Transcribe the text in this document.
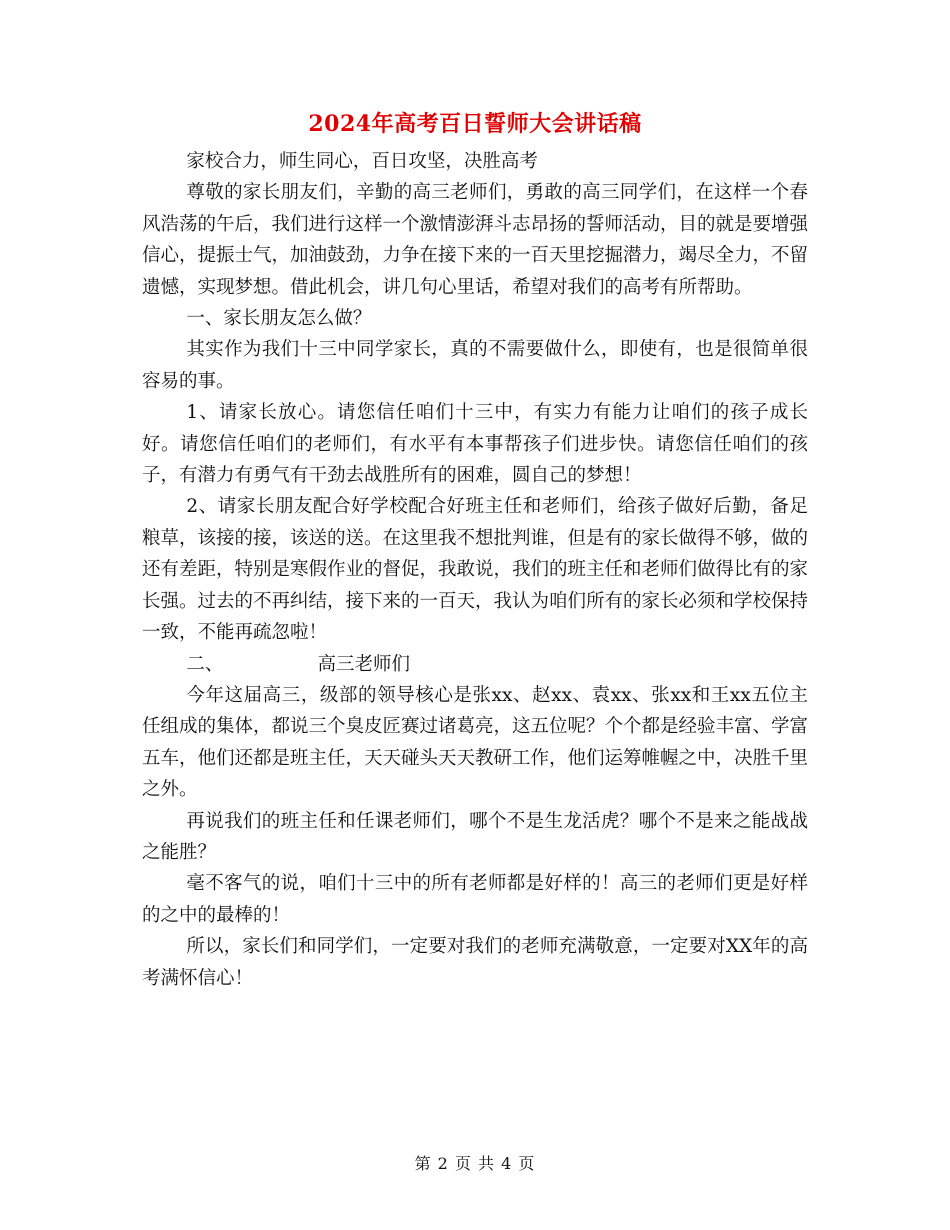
2024年高考百日誓师大会讲话稿

家校合力，师生同心，百日攻坚，决胜高考

尊敬的家长朋友们，辛勤的高三老师们，勇敢的高三同学们，在这样一个春风浩荡的午后，我们进行这样一个激情澎湃斗志昂扬的誓师活动，目的就是要增强信心，提振士气，加油鼓劲，力争在接下来的一百天里挖掘潜力，竭尽全力，不留遗憾，实现梦想。借此机会，讲几句心里话，希望对我们的高考有所帮助。

一、家长朋友怎么做？

其实作为我们十三中同学家长，真的不需要做什么，即使有，也是很简单很容易的事。

1、请家长放心。请您信任咱们十三中，有实力有能力让咱们的孩子成长好。请您信任咱们的老师们，有水平有本事帮孩子们进步快。请您信任咱们的孩子，有潜力有勇气有干劲去战胜所有的困难，圆自己的梦想！

2、请家长朋友配合好学校配合好班主任和老师们，给孩子做好后勤，备足粮草，该接的接，该送的送。在这里我不想批判谁，但是有的家长做得不够，做的还有差距，特别是寒假作业的督促，我敢说，我们的班主任和老师们做得比有的家长强。过去的不再纠结，接下来的一百天，我认为咱们所有的家长必须和学校保持一致，不能再疏忽啦！

二、                高三老师们

今年这届高三，级部的领导核心是张xx、赵xx、袁xx、张xx和王xx五位主任组成的集体，都说三个臭皮匠赛过诸葛亮，这五位呢？个个都是经验丰富、学富五车，他们还都是班主任，天天碰头天天教研工作，他们运筹帷幄之中，决胜千里之外。

再说我们的班主任和任课老师们，哪个不是生龙活虎？哪个不是来之能战战之能胜？

毫不客气的说，咱们十三中的所有老师都是好样的！高三的老师们更是好样的之中的最棒的！

所以，家长们和同学们，一定要对我们的老师充满敬意，一定要对XX年的高考满怀信心！

第 2 页 共 4 页
